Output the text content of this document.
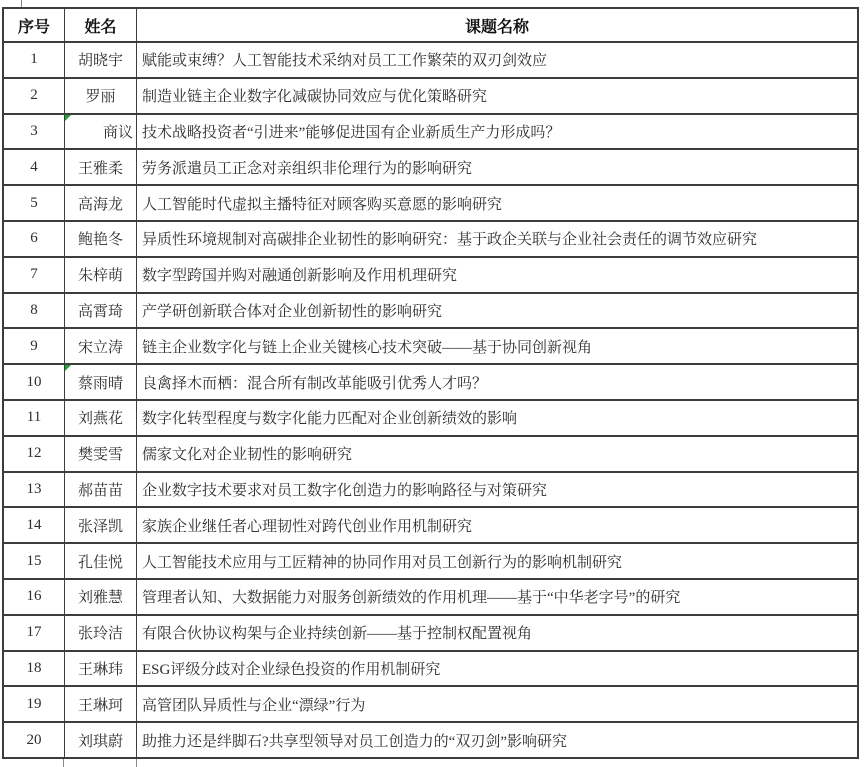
序号	姓名	课题名称
1	胡晓宇 赋能或束缚？人工智能技术采纳对员工工作繁荣的双刃剑效应
2	罗丽 制造业链主企业数字化减碳协同效应与优化策略研究
3	商议 技术战略投资者“引进来”能够促进国有企业新质生产力形成吗？
4	王雅柔 劳务派遣员工正念对亲组织非伦理行为的影响研究
5	高海龙 人工智能时代虚拟主播特征对顾客购买意愿的影响研究
6	鲍艳冬 异质性环境规制对高碳排企业韧性的影响研究：基于政企关联与企业社会责任的调节效应研究
7	朱梓萌 数字型跨国并购对融通创新影响及作用机理研究
8	高霄琦 产学研创新联合体对企业创新韧性的影响研究
9	宋立涛 链主企业数字化与链上企业关键核心技术突破——基于协同创新视角
10 蔡雨晴 良禽择木而栖：混合所有制改革能吸引优秀人才吗？
11 刘燕花 数字化转型程度与数字化能力匹配对企业创新绩效的影响
12 樊雯雪 儒家文化对企业韧性的影响研究
13 郝苗苗 企业数字技术要求对员工数字化创造力的影响路径与对策研究
14 张泽凯 家族企业继任者心理韧性对跨代创业作用机制研究
15 孔佳悦 人工智能技术应用与工匠精神的协同作用对员工创新行为的影响机制研究
16 刘雅慧 管理者认知、大数据能力对服务创新绩效的作用机理——基于“中华老字号”的研究
17 张玲洁 有限合伙协议构架与企业持续创新——基于控制权配置视角
18 王琳玮 ESG评级分歧对企业绿色投资的作用机制研究
19 王琳珂 高管团队异质性与企业“漂绿”行为
20 刘琪蔚 助推力还是绊脚石?共享型领导对员工创造力的“双刃剑”影响研究
